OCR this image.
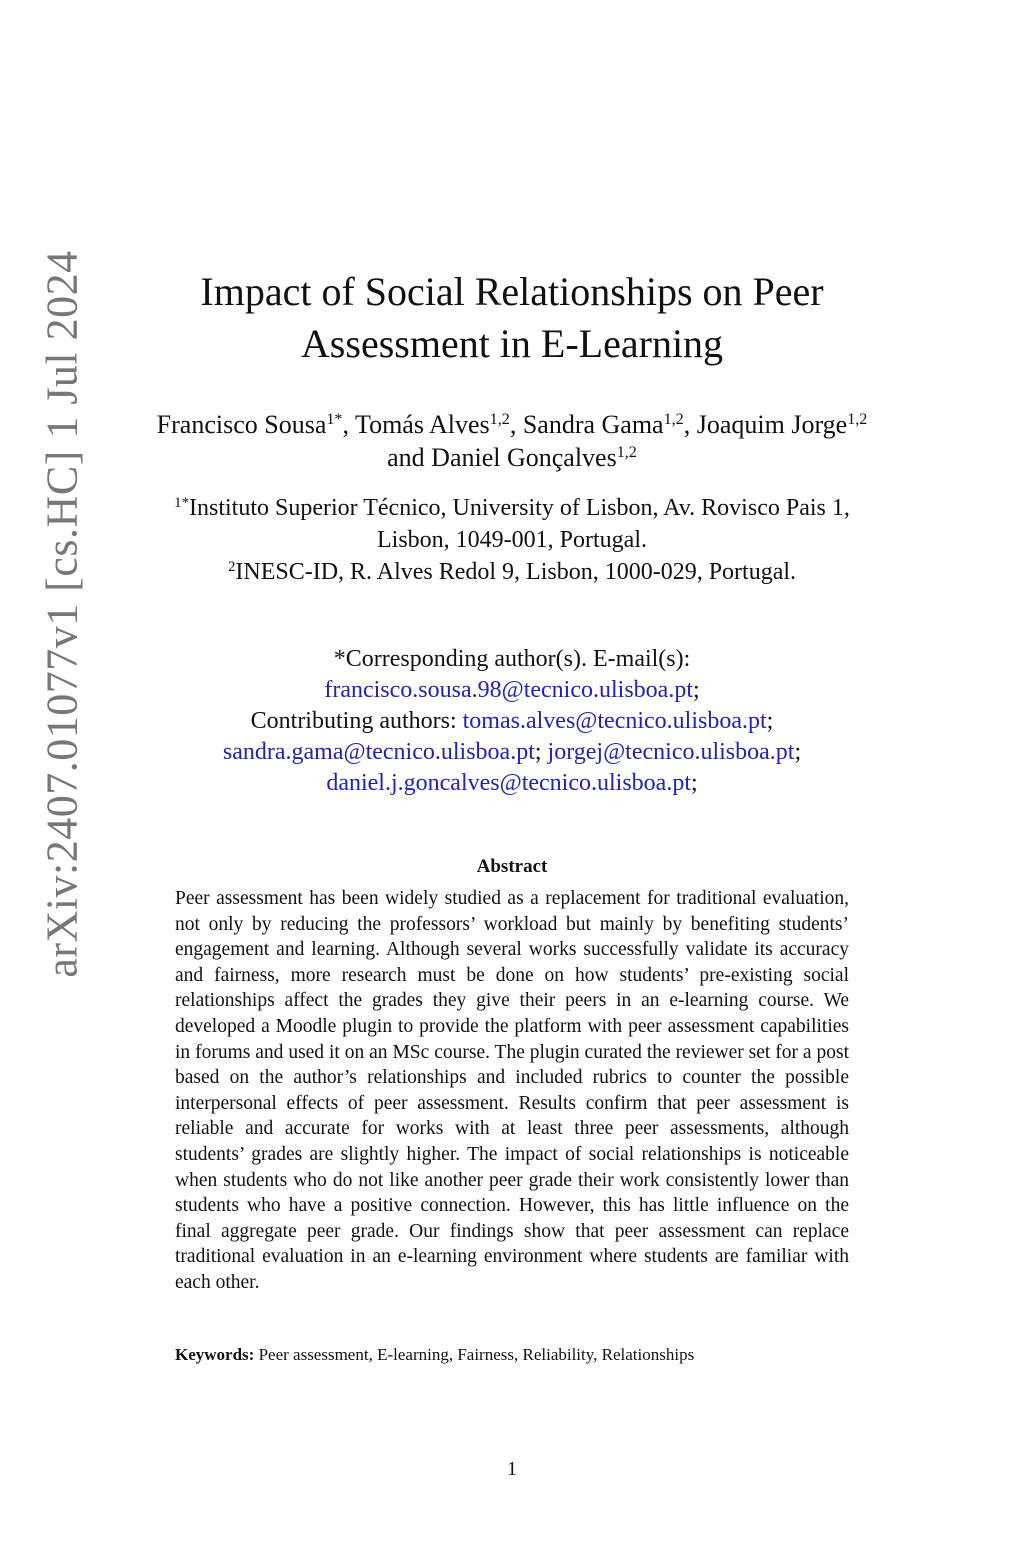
arXiv:2407.01077v1 [cs.HC] 1 Jul 2024	Impact of Social Relationships on Peer Assessment in E-Learning
Francisco Sousa$^{1*}$, Tomás Alves$^{1,2}$, Sandra Gama$^{1,2}$, Joaquim Jorge$^{1,2}$ and Daniel Gonçalves$^{1,2}$
$^{1*}$Instituto Superior Técnico, University of Lisbon, Av. Rovisco Pais 1, Lisbon, 1049-001, Portugal.
$^2$INESC-ID, R. Alves Redol 9, Lisbon, 1000-029, Portugal.
*Corresponding author(s). E-mail(s):
francisco.sousa.98@tecnico.ulisboa.pt;
Contributing authors: tomas.alves@tecnico.ulisboa.pt;
sandra.gama@tecnico.ulisboa.pt; jorgej@tecnico.ulisboa.pt;
daniel.j.goncalves@tecnico.ulisboa.pt;
Abstract

Peer assessment has been widely studied as a replacement for traditional evaluation, not only by reducing the professors’ workload but mainly by benefiting students’ engagement and learning. Although several works successfully validate its accuracy and fairness, more research must be done on how students’ pre-existing social relationships affect the grades they give their peers in an e-learning course. We developed a Moodle plugin to provide the platform with peer assessment capabilities in forums and used it on an MSc course. The plugin curated the reviewer set for a post based on the author’s relationships and included rubrics to counter the possible interpersonal effects of peer assessment. Results confirm that peer assessment is reliable and accurate for works with at least three peer assessments, although students’ grades are slightly higher. The impact of social relationships is noticeable when students who do not like another peer grade their work consistently lower than students who have a positive connection. However, this has little influence on the final aggregate peer grade. Our findings show that peer assessment can replace traditional evaluation in an e-learning environment where students are familiar with each other.

Keywords: Peer assessment, E-learning, Fairness, Reliability, Relationships
1
